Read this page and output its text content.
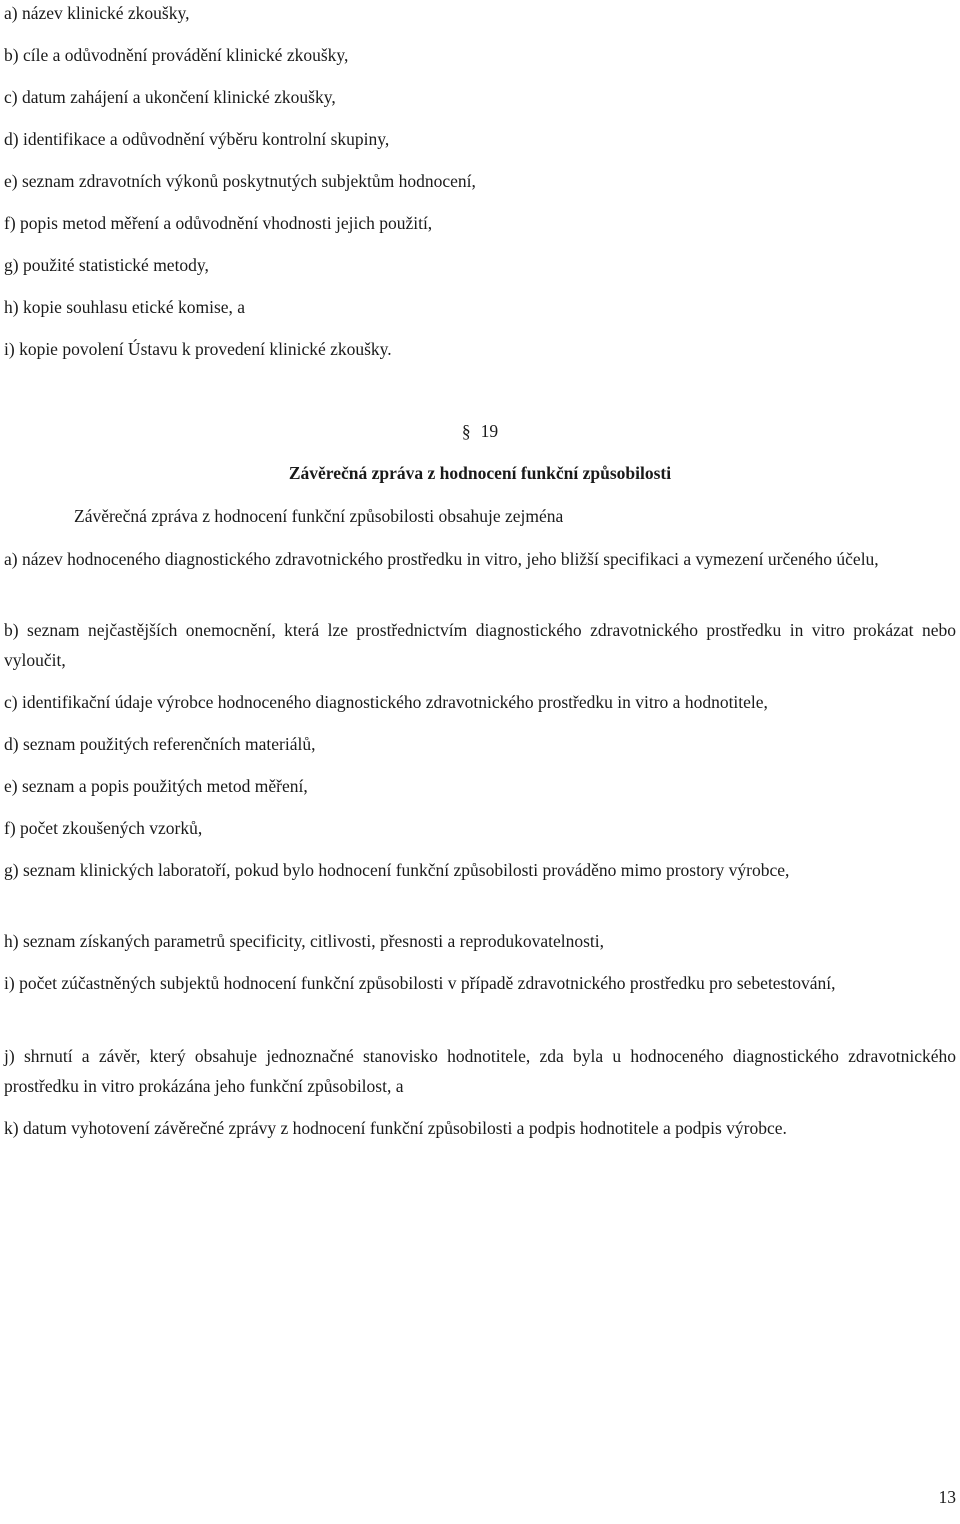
a) název klinické zkoušky,
b) cíle a odůvodnění provádění klinické zkoušky,
c) datum zahájení a ukončení klinické zkoušky,
d) identifikace a odůvodnění výběru kontrolní skupiny,
e) seznam zdravotních výkonů poskytnutých subjektům hodnocení,
f) popis metod měření a odůvodnění vhodnosti jejich použití,
g) použité statistické metody,
h) kopie souhlasu etické komise, a
i) kopie povolení Ústavu k provedení klinické zkoušky.
§ 19
Závěrečná zpráva z hodnocení funkční způsobilosti
Závěrečná zpráva z hodnocení funkční způsobilosti obsahuje zejména
a) název hodnoceného diagnostického zdravotnického prostředku in vitro, jeho bližší specifikaci a vymezení určeného účelu,
b) seznam nejčastějších onemocnění, která lze prostřednictvím diagnostického zdravotnického prostředku in vitro prokázat nebo vyloučit,
c) identifikační údaje výrobce hodnoceného diagnostického zdravotnického prostředku in vitro a hodnotitele,
d) seznam použitých referenčních materiálů,
e) seznam a popis použitých metod měření,
f) počet zkoušených vzorků,
g) seznam klinických laboratoří, pokud bylo hodnocení funkční způsobilosti prováděno mimo prostory výrobce,
h) seznam získaných parametrů specificity, citlivosti, přesnosti a reprodukovatelnosti,
i) počet zúčastněných subjektů hodnocení funkční způsobilosti v případě zdravotnického prostředku pro sebetestování,
j) shrnutí a závěr, který obsahuje jednoznačné stanovisko hodnotitele, zda byla u hodnoceného diagnostického zdravotnického prostředku in vitro prokázána jeho funkční způsobilost, a
k) datum vyhotovení závěrečné zprávy z hodnocení funkční způsobilosti a podpis hodnotitele a podpis výrobce.
13
